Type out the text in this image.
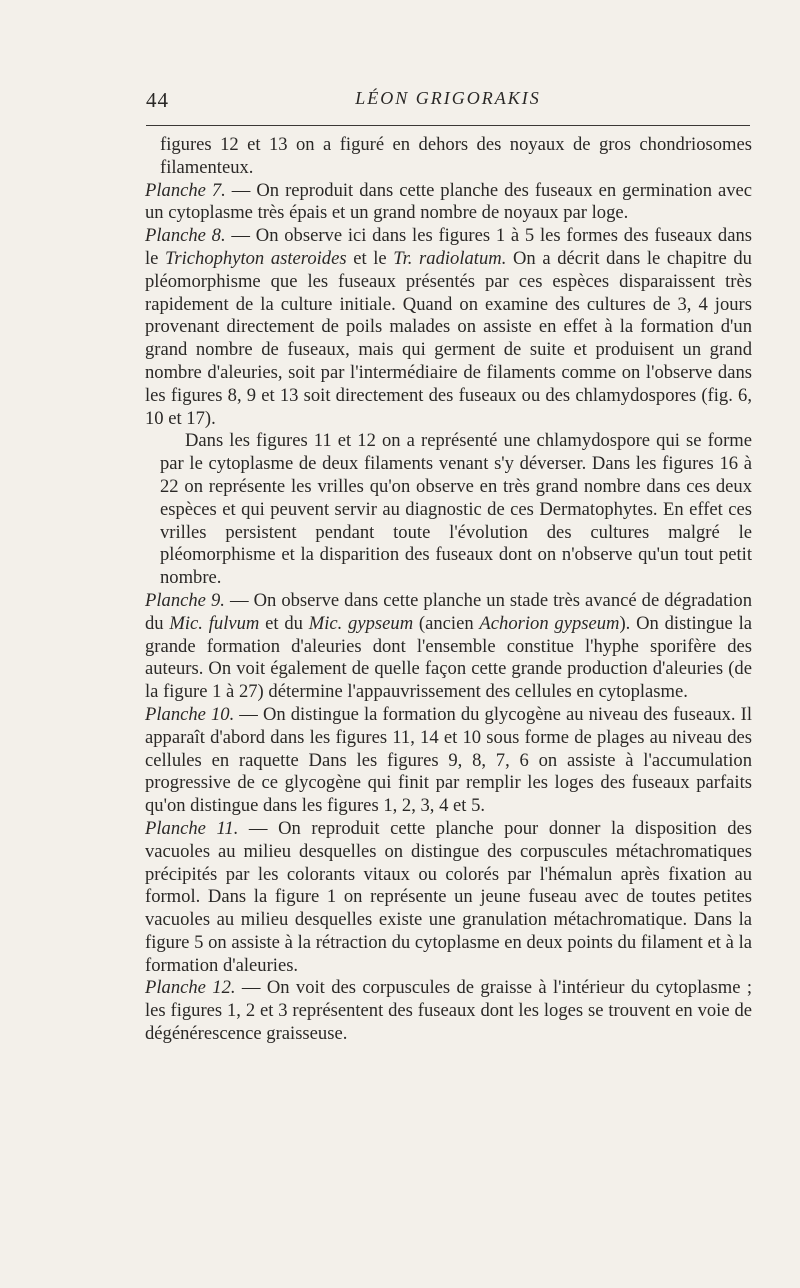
44	LÉON GRIGORAKIS

figures 12 et 13 on a figuré en dehors des noyaux de gros chondriosomes filamenteux.

Planche 7. — On reproduit dans cette planche des fuseaux en germination avec un cytoplasme très épais et un grand nombre de noyaux par loge.

Planche 8. — On observe ici dans les figures 1 à 5 les formes des fuseaux dans le Trichophyton asteroides et le Tr. radiolatum. On a décrit dans le chapitre du pléomorphisme que les fuseaux présentés par ces espèces disparaissent très rapidement de la culture initiale. Quand on examine des cultures de 3, 4 jours provenant directement de poils malades on assiste en effet à la formation d'un grand nombre de fuseaux, mais qui germent de suite et produisent un grand nombre d'aleuries, soit par l'intermédiaire de filaments comme on l'observe dans les figures 8, 9 et 13 soit directement des fuseaux ou des chlamydospores (fig. 6, 10 et 17).

Dans les figures 11 et 12 on a représenté une chlamydospore qui se forme par le cytoplasme de deux filaments venant s'y déverser. Dans les figures 16 à 22 on représente les vrilles qu'on observe en très grand nombre dans ces deux espèces et qui peuvent servir au diagnostic de ces Dermatophytes. En effet ces vrilles persistent pendant toute l'évolution des cultures malgré le pléomorphisme et la disparition des fuseaux dont on n'observe qu'un tout petit nombre.

Planche 9. — On observe dans cette planche un stade très avancé de dégradation du Mic. fulvum et du Mic. gypseum (ancien Achorion gypseum). On distingue la grande formation d'aleuries dont l'ensemble constitue l'hyphe sporifère des auteurs. On voit également de quelle façon cette grande production d'aleuries (de la figure 1 à 27) détermine l'appauvrissement des cellules en cytoplasme.

Planche 10. — On distingue la formation du glycogène au niveau des fuseaux. Il apparaît d'abord dans les figures 11, 14 et 10 sous forme de plages au niveau des cellules en raquette Dans les figures 9, 8, 7, 6 on assiste à l'accumulation progressive de ce glycogène qui finit par remplir les loges des fuseaux parfaits qu'on distingue dans les figures 1, 2, 3, 4 et 5.

Planche 11. — On reproduit cette planche pour donner la disposition des vacuoles au milieu desquelles on distingue des corpuscules métachromatiques précipités par les colorants vitaux ou colorés par l'hémalun après fixation au formol. Dans la figure 1 on représente un jeune fuseau avec de toutes petites vacuoles au milieu desquelles existe une granulation métachromatique. Dans la figure 5 on assiste à la rétraction du cytoplasme en deux points du filament et à la formation d'aleuries.

Planche 12. — On voit des corpuscules de graisse à l'intérieur du cytoplasme ; les figures 1, 2 et 3 représentent des fuseaux dont les loges se trouvent en voie de dégénérescence graisseuse.
